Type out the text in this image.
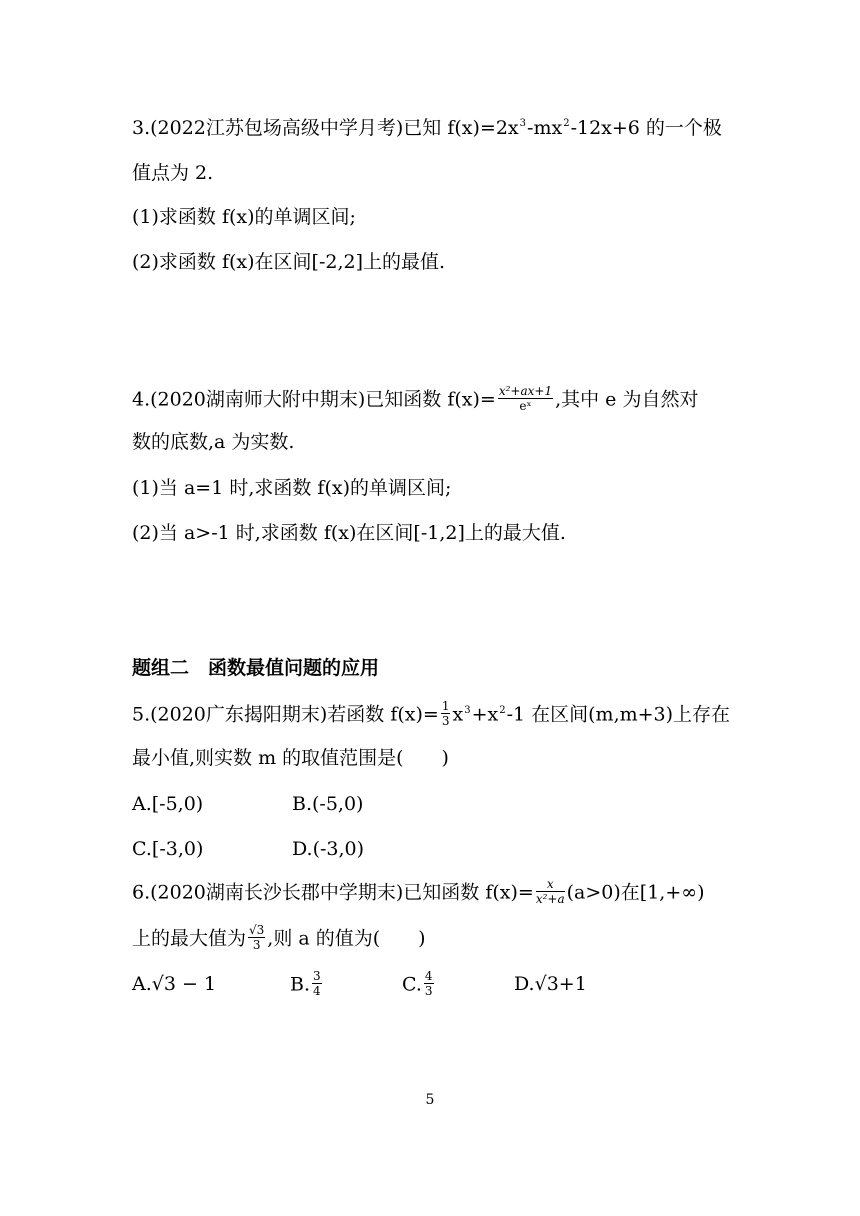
3.(2022江苏包场高级中学月考)已知 $f(x)=2x^3-mx^2-12x+6$ 的一个极
值点为 2.
(1)求函数 f(x)的单调区间;
(2)求函数 f(x)在区间[-2,2]上的最值.
4.(2020湖南师大附中期末)已知函数 $f(x)= \frac{\text{x²+ax+1}}{\text{eˣ}}$ ,其中 e 为自然对
数的底数,a 为实数.
(1)当 a=1 时,求函数 f(x)的单调区间;
(2)当 a>-1 时,求函数 f(x)在区间[-1,2]上的最大值.
题组二　函数最值问题的应用
5.(2020广东揭阳期末)若函数 $f(x)= \frac{1}{3} x^3+x^2-1$ 在区间(m,m+3)上存在
最小值,则实数 m 的取值范围是(　　)
A.[-5,0)	B.(-5,0)
C.[-3,0)	D.(-3,0)
6.(2020湖南长沙长郡中学期末)已知函数 $f(x)= \frac{x}{\text{x²+a}} (a>0)$在[1,+∞)
上的最大值为 $\frac{√3}{3}$ ,则 a 的值为(　　)
A.√3 − 1	B. $\frac{3}{4}$	C. $\frac{4}{3}$	D.√3+1
5
